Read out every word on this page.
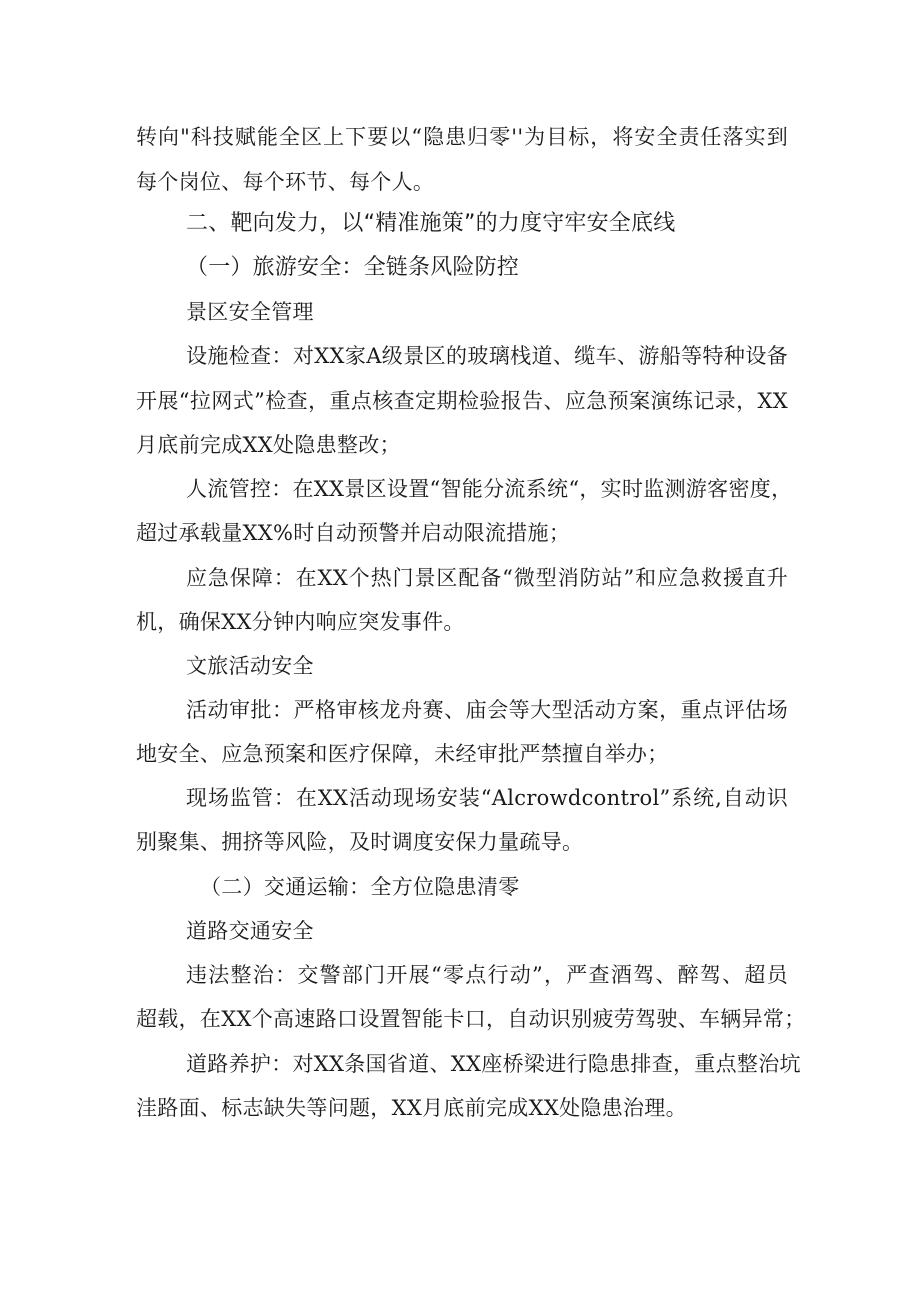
转向"科技赋能全区上下要以“隐患归零''为目标，将安全责任落实到
每个岗位、每个环节、每个人。
二、靶向发力，以“精准施策”的力度守牢安全底线
（一）旅游安全：全链条风险防控
景区安全管理
设施检查：对XX家A级景区的玻璃栈道、缆车、游船等特种设备
开展“拉网式”检查，重点核查定期检验报告、应急预案演练记录，XX
月底前完成XX处隐患整改；
人流管控：在XX景区设置“智能分流系统“，实时监测游客密度，
超过承载量XX%时自动预警并启动限流措施；
应急保障：在XX个热门景区配备“微型消防站”和应急救援直升
机，确保XX分钟内响应突发事件。
文旅活动安全
活动审批：严格审核龙舟赛、庙会等大型活动方案，重点评估场
地安全、应急预案和医疗保障，未经审批严禁擅自举办；
现场监管：在XX活动现场安装“Alcrowdcontrol”系统,自动识
别聚集、拥挤等风险，及时调度安保力量疏导。
（二）交通运输：全方位隐患清零
道路交通安全
违法整治：交警部门开展“零点行动”，严查酒驾、醉驾、超员
超载，在XX个高速路口设置智能卡口，自动识别疲劳驾驶、车辆异常；
道路养护：对XX条国省道、XX座桥梁进行隐患排查，重点整治坑
洼路面、标志缺失等问题，XX月底前完成XX处隐患治理。
